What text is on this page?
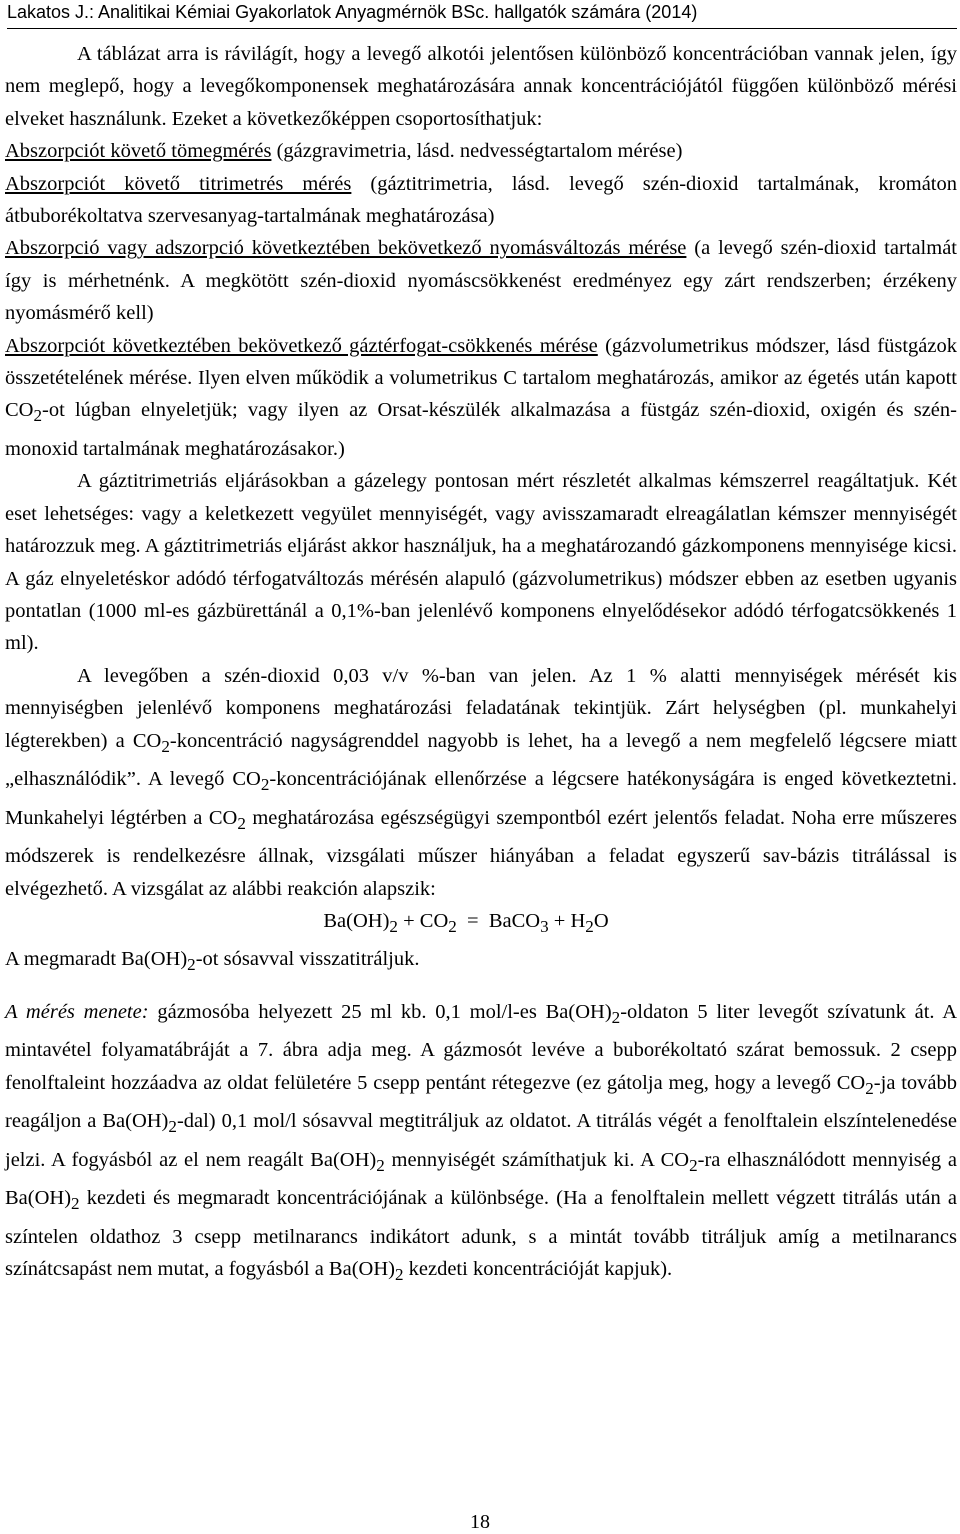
Lakatos J.: Analitikai Kémiai Gyakorlatok Anyagmérnök BSc. hallgatók számára (2014)

A táblázat arra is rávilágít, hogy a levegő alkotói jelentősen különböző koncentrációban vannak jelen, így nem meglepő, hogy a levegőkomponensek meghatározására annak koncentrációjától függően különböző mérési elveket használunk. Ezeket a következőképpen csoportosíthatjuk:

Abszorpciót követő tömegmérés (gázgravimetria, lásd. nedvességtartalom mérése)

Abszorpciót követő titrimetrés mérés (gáztitrimetria, lásd. levegő szén-dioxid tartalmának, kromáton átbuborékoltatva szervesanyag-tartalmának meghatározása)

Abszorpció vagy adszorpció következtében bekövetkező nyomásváltozás mérése (a levegő szén-dioxid tartalmát így is mérhetnénk. A megkötött szén-dioxid nyomáscsökkenést eredményez egy zárt rendszerben; érzékeny nyomásmérő kell)

Abszorpciót következtében bekövetkező gáztérfogat-csökkenés mérése (gázvolumetrikus módszer, lásd füstgázok összetételének mérése. Ilyen elven működik a volumetrikus C tartalom meghatározás, amikor az égetés után kapott $CO_2-ot$ lúgban elnyeletjük; vagy ilyen az Orsat-készülék alkalmazása a füstgáz szén-dioxid, oxigén és szén-monoxid tartalmának meghatározásakor.)

A gáztitrimetriás eljárásokban a gázelegy pontosan mért részletét alkalmas kémszerrel reagáltatjuk. Két eset lehetséges: vagy a keletkezett vegyület mennyiségét, vagy avisszamaradt elreagálatlan kémszer mennyiségét határozzuk meg. A gáztitrimetriás eljárást akkor használjuk, ha a meghatározandó gázkomponens mennyisége kicsi. A gáz elnyeletéskor adódó térfogatváltozás mérésén alapuló (gázvolumetrikus) módszer ebben az esetben ugyanis pontatlan (1000 ml-es gázbürettánál a 0,1%-ban jelenlévő komponens elnyelődésekor adódó térfogatcsökkenés 1 ml).

A levegőben a szén-dioxid 0,03 v/v %-ban van jelen. Az 1 % alatti mennyiségek mérését kis mennyiségben jelenlévő komponens meghatározási feladatának tekintjük. Zárt helységben (pl. munkahelyi légterekben) a $CO_2$-koncentráció nagyságrenddel nagyobb is lehet, ha a levegő a nem megfelelő légcsere miatt „elhasználódik”. A levegő $CO_2$-koncentrációjának ellenőrzése a légcsere hatékonyságára is enged következtetni. Munkahelyi légtérben a $CO_2$ meghatározása egészségügyi szempontból ezért jelentős feladat. Noha erre műszeres módszerek is rendelkezésre állnak, vizsgálati műszer hiányában a feladat egyszerű sav-bázis titrálással is elvégezhető. A vizsgálat az alábbi reakción alapszik:

$Ba(OH)_2 + CO_2$  =  BaCO$_3$ + $H_2O$

A megmaradt $Ba(OH)_2-ot$ sósavval visszatitráljuk.

A mérés menete: gázmosóba helyezett 25 ml kb. 0,1 mol/l-es $Ba(OH)_2$-oldaton 5 liter levegőt szívatunk át. A mintavétel folyamatábráját a 7. ábra adja meg. A gázmosót levéve a buborékoltató szárat bemossuk. 2 csepp fenolftaleint hozzáadva az oldat felületére 5 csepp pentánt rétegezve (ez gátolja meg, hogy a levegő $CO_2-ja$ tovább reagáljon a $Ba(OH)_2-dal$) 0,1 mol/l sósavval megtitráljuk az oldatot. A titrálás végét a fenolftalein elszíntelenedése jelzi. A fogyásból az el nem reagált $Ba(OH)_2$ mennyiségét számíthatjuk ki. A $CO_2-ra$ elhasználódott mennyiség a $Ba(OH)_2$ kezdeti és megmaradt koncentrációjának a különbsége. (Ha a fenolftalein mellett végzett titrálás után a színtelen oldathoz 3 csepp metilnarancs indikátort adunk, s a mintát tovább titráljuk amíg a metilnarancs színátcsapást nem mutat, a fogyásból a $Ba(OH)_2$ kezdeti koncentrációját kapjuk).

18
